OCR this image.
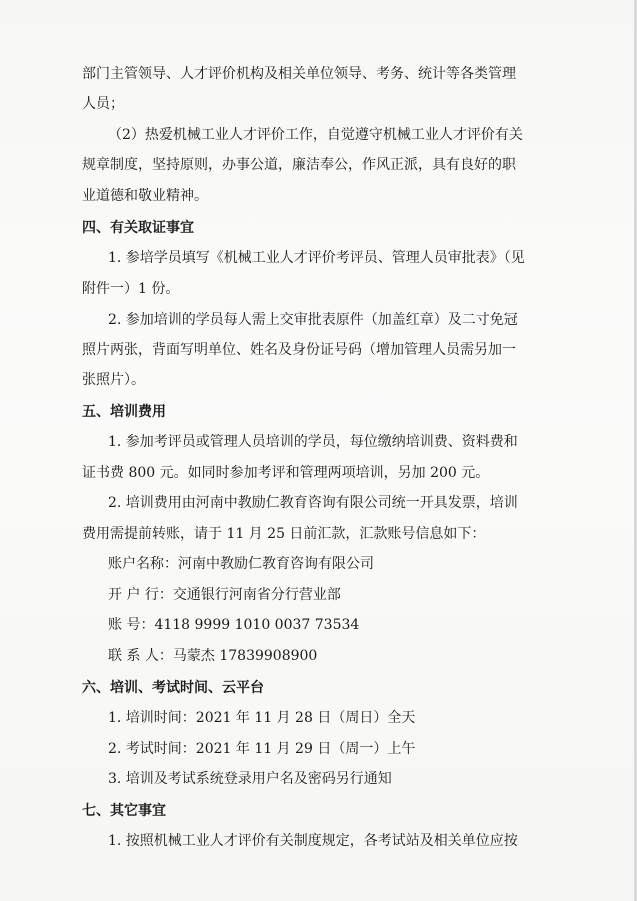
部门主管领导、人才评价机构及相关单位领导、考务、统计等各类管理
人员；
（2）热爱机械工业人才评价工作，自觉遵守机械工业人才评价有关
规章制度，坚持原则，办事公道，廉洁奉公，作风正派，具有良好的职
业道德和敬业精神。
四、有关取证事宜
1. 参培学员填写《机械工业人才评价考评员、管理人员审批表》（见
附件一）1 份。
2. 参加培训的学员每人需上交审批表原件（加盖红章）及二寸免冠
照片两张，背面写明单位、姓名及身份证号码（增加管理人员需另加一
张照片）。
五、培训费用
1. 参加考评员或管理人员培训的学员，每位缴纳培训费、资料费和
证书费 800 元。如同时参加考评和管理两项培训，另加 200 元。
2. 培训费用由河南中教励仁教育咨询有限公司统一开具发票，培训
费用需提前转账，请于 11 月 25 日前汇款，汇款账号信息如下：
账户名称：河南中教励仁教育咨询有限公司
开 户 行：交通银行河南省分行营业部
账 号：4118 9999 1010 0037 73534
联 系 人：马蒙杰 17839908900
六、培训、考试时间、云平台
1. 培训时间：2021 年 11 月 28 日（周日）全天
2. 考试时间：2021 年 11 月 29 日（周一）上午
3. 培训及考试系统登录用户名及密码另行通知
七、其它事宜
1. 按照机械工业人才评价有关制度规定，各考试站及相关单位应按
